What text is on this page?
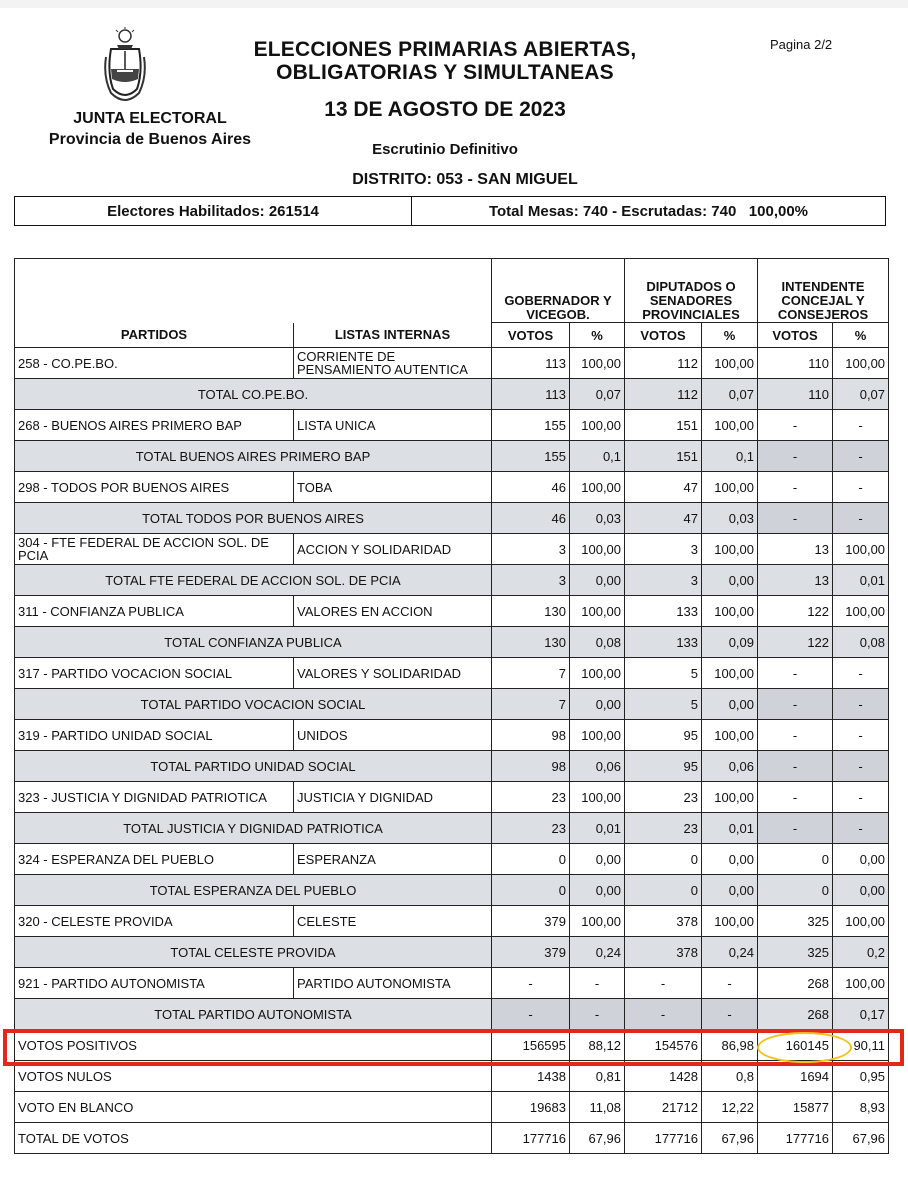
JUNTA ELECTORAL
Provincia de Buenos Aires
ELECCIONES PRIMARIAS ABIERTAS,
OBLIGATORIAS Y SIMULTANEAS
13 DE AGOSTO DE 2023
Pagina 2/2
Escrutinio Definitivo
DISTRITO: 053 - SAN MIGUEL
Electores Habilitados: 261514	Total Mesas: 740 - Escrutadas: 740   100,00%
		GOBERNADOR Y VICEGOB.		DIPUTADOS O SENADORES PROVINCIALES		INTENDENTE CONCEJAL Y CONSEJEROS	
PARTIDOS	LISTAS INTERNAS	VOTOS	%	VOTOS	%	VOTOS	%
258 - CO.PE.BO.	CORRIENTE DE PENSAMIENTO AUTENTICA	113	100,00	112	100,00	110	100,00
TOTAL CO.PE.BO.		113	0,07	112	0,07	110	0,07
268 - BUENOS AIRES PRIMERO BAP	LISTA UNICA	155	100,00	151	100,00	-	-
TOTAL BUENOS AIRES PRIMERO BAP		155	0,1	151	0,1	-	-
298 - TODOS POR BUENOS AIRES	TOBA	46	100,00	47	100,00	-	-
TOTAL TODOS POR BUENOS AIRES		46	0,03	47	0,03	-	-
304 - FTE FEDERAL DE ACCION SOL. DE PCIA	ACCION Y SOLIDARIDAD	3	100,00	3	100,00	13	100,00
TOTAL FTE FEDERAL DE ACCION SOL. DE PCIA		3	0,00	3	0,00	13	0,01
311 - CONFIANZA PUBLICA	VALORES EN ACCION	130	100,00	133	100,00	122	100,00
TOTAL CONFIANZA PUBLICA		130	0,08	133	0,09	122	0,08
317 - PARTIDO VOCACION SOCIAL	VALORES Y SOLIDARIDAD	7	100,00	5	100,00	-	-
TOTAL PARTIDO VOCACION SOCIAL		7	0,00	5	0,00	-	-
319 - PARTIDO UNIDAD SOCIAL	UNIDOS	98	100,00	95	100,00	-	-
TOTAL PARTIDO UNIDAD SOCIAL		98	0,06	95	0,06	-	-
323 - JUSTICIA Y DIGNIDAD PATRIOTICA	JUSTICIA Y DIGNIDAD	23	100,00	23	100,00	-	-
TOTAL JUSTICIA Y DIGNIDAD PATRIOTICA		23	0,01	23	0,01	-	-
324 - ESPERANZA DEL PUEBLO	ESPERANZA	0	0,00	0	0,00	0	0,00
TOTAL ESPERANZA DEL PUEBLO		0	0,00	0	0,00	0	0,00
320 - CELESTE PROVIDA	CELESTE	379	100,00	378	100,00	325	100,00
TOTAL CELESTE PROVIDA		379	0,24	378	0,24	325	0,2
921 - PARTIDO AUTONOMISTA	PARTIDO AUTONOMISTA	-	-	-	-	268	100,00
TOTAL PARTIDO AUTONOMISTA		-	-	-	-	268	0,17
VOTOS POSITIVOS		156595	88,12	154576	86,98	160145	90,11
VOTOS NULOS		1438	0,81	1428	0,8	1694	0,95
VOTO EN BLANCO		19683	11,08	21712	12,22	15877	8,93
TOTAL DE VOTOS		177716	67,96	177716	67,96	177716	67,96
